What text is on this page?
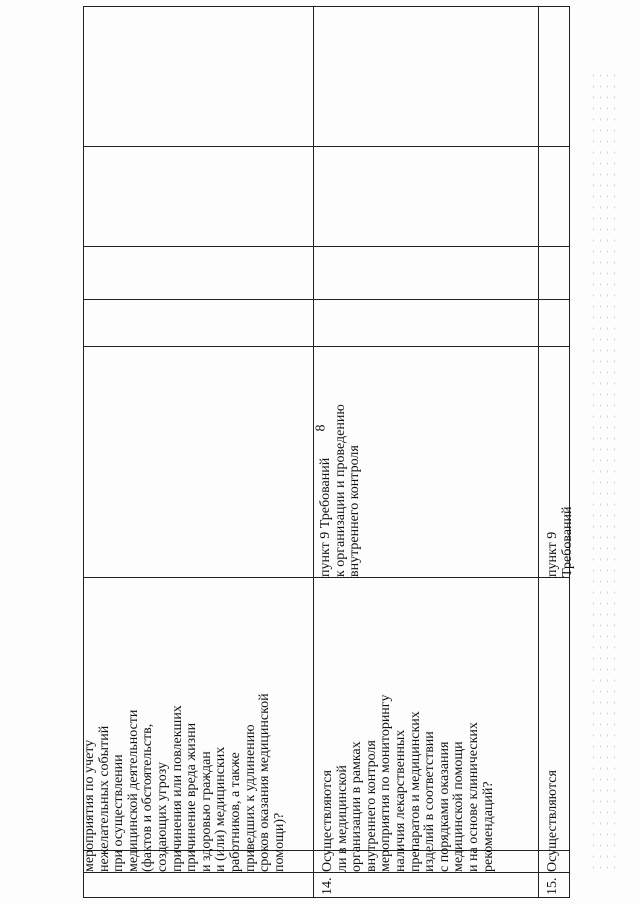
8
мероприятия по учету
нежелательных событий
при осуществлении
медицинской деятельности
(фактов и обстоятельств,
создающих угрозу
причинения или повлекших
причинение вреда жизни
и здоровью граждан
и (или) медицинских
работников, а также
приведших к удлинению
сроков оказания медицинской
помощи)?
14.
Осуществляются
ли в медицинской
организации в рамках
внутреннего контроля
мероприятия по мониторингу
наличия лекарственных
препаратов и медицинских
изделий в соответствии
с порядками оказания
медицинской помощи
и на основе клинических
рекомендаций?
пункт 9 Требований
к организации и проведению
внутреннего контроля
15.
Осуществляются
пункт 9 Требований
